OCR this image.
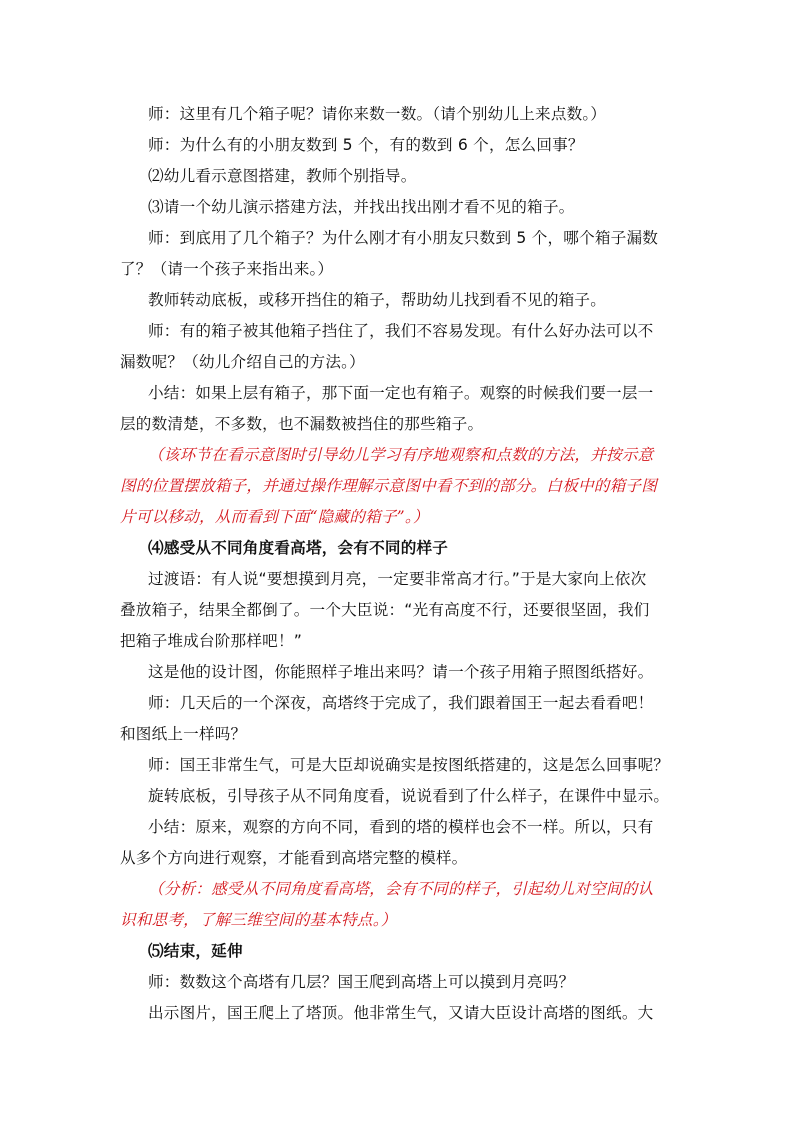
师：这里有几个箱子呢？请你来数一数。（请个别幼儿上来点数。）
师：为什么有的小朋友数到 5 个，有的数到 6 个，怎么回事？
⑵幼儿看示意图搭建，教师个别指导。
⑶请一个幼儿演示搭建方法，并找出找出刚才看不见的箱子。
师：到底用了几个箱子？为什么刚才有小朋友只数到 5 个，哪个箱子漏数
了？（请一个孩子来指出来。）
教师转动底板，或移开挡住的箱子，帮助幼儿找到看不见的箱子。
师：有的箱子被其他箱子挡住了，我们不容易发现。有什么好办法可以不
漏数呢？（幼儿介绍自己的方法。）
小结：如果上层有箱子，那下面一定也有箱子。观察的时候我们要一层一
层的数清楚，不多数，也不漏数被挡住的那些箱子。
（该环节在看示意图时引导幼儿学习有序地观察和点数的方法，并按示意
图的位置摆放箱子，并通过操作理解示意图中看不到的部分。白板中的箱子图
片可以移动，从而看到下面“隐藏的箱子”。）
⑷感受从不同角度看高塔，会有不同的样子
过渡语：有人说“要想摸到月亮，一定要非常高才行。”于是大家向上依次
叠放箱子，结果全都倒了。一个大臣说：“光有高度不行，还要很坚固，我们
把箱子堆成台阶那样吧！”
这是他的设计图，你能照样子堆出来吗？请一个孩子用箱子照图纸搭好。
师：几天后的一个深夜，高塔终于完成了，我们跟着国王一起去看看吧！
和图纸上一样吗？
师：国王非常生气，可是大臣却说确实是按图纸搭建的，这是怎么回事呢？
旋转底板，引导孩子从不同角度看，说说看到了什么样子，在课件中显示。
小结：原来，观察的方向不同，看到的塔的模样也会不一样。所以，只有
从多个方向进行观察，才能看到高塔完整的模样。
（分析：感受从不同角度看高塔，会有不同的样子，引起幼儿对空间的认
识和思考，了解三维空间的基本特点。）
⑸结束，延伸
师：数数这个高塔有几层？国王爬到高塔上可以摸到月亮吗？
出示图片，国王爬上了塔顶。他非常生气，又请大臣设计高塔的图纸。大
